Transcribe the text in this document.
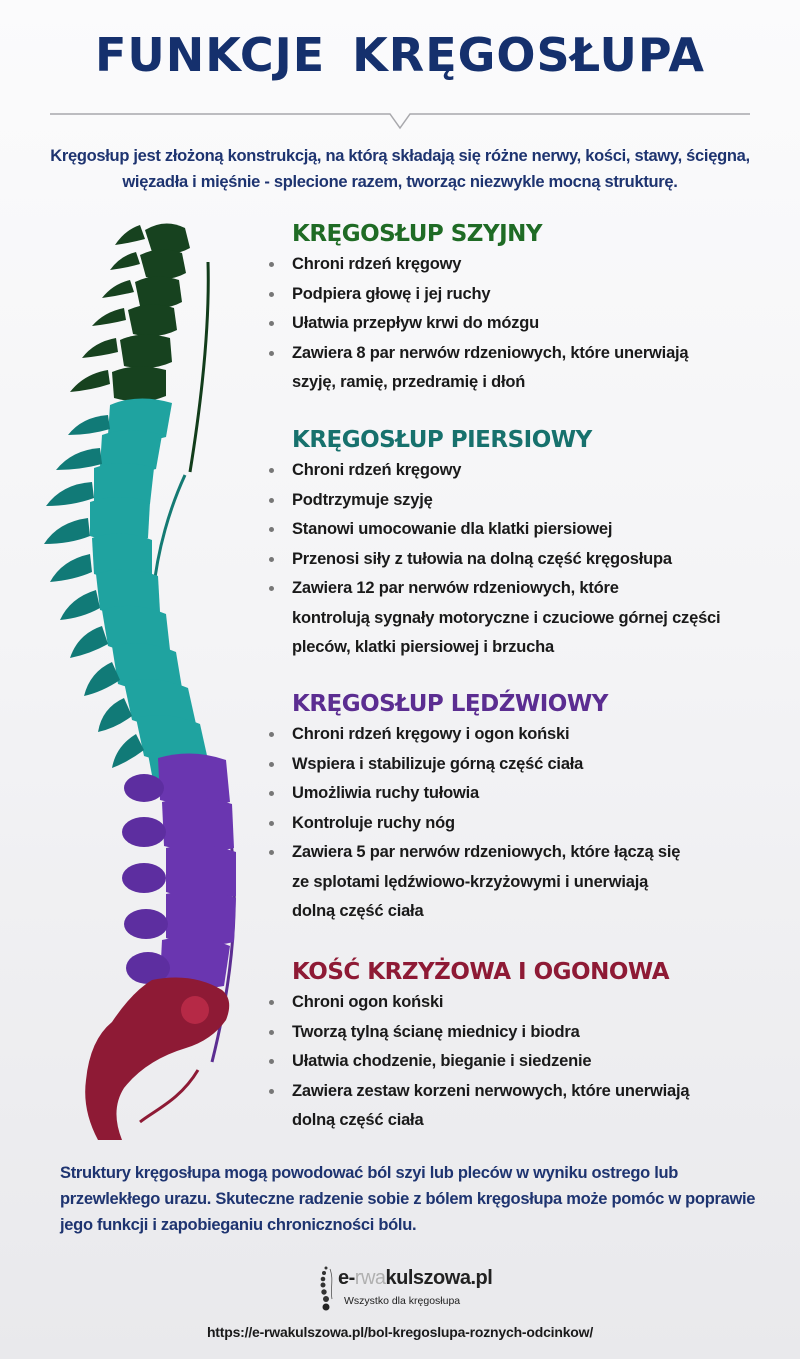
FUNKCJE KRĘGOSŁUPA

Kręgosłup jest złożoną konstrukcją, na którą składają się różne nerwy, kości, stawy, ścięgna, więzadła i mięśnie - splecione razem, tworząc niezwykle mocną strukturę.

KRĘGOSŁUP SZYJNY
Chroni rdzeń kręgowy
Podpiera głowę i jej ruchy
Ułatwia przepływ krwi do mózgu
Zawiera 8 par nerwów rdzeniowych, które unerwiają
szyję, ramię, przedramię i dłoń
KRĘGOSŁUP PIERSIOWY
Chroni rdzeń kręgowy
Podtrzymuje szyję
Stanowi umocowanie dla klatki piersiowej
Przenosi siły z tułowia na dolną część kręgosłupa
Zawiera 12 par nerwów rdzeniowych, które
kontrolują sygnały motoryczne i czuciowe górnej części
pleców, klatki piersiowej i brzucha
KRĘGOSŁUP LĘDŹWIOWY
Chroni rdzeń kręgowy i ogon koński
Wspiera i stabilizuje górną część ciała
Umożliwia ruchy tułowia
Kontroluje ruchy nóg
Zawiera 5 par nerwów rdzeniowych, które łączą się
ze splotami lędźwiowo-krzyżowymi i unerwiają
dolną część ciała
KOŚĆ KRZYŻOWA I OGONOWA
Chroni ogon koński
Tworzą tylną ścianę miednicy i biodra
Ułatwia chodzenie, bieganie i siedzenie
Zawiera zestaw korzeni nerwowych, które unerwiają
dolną część ciała

Struktury kręgosłupa mogą powodować ból szyi lub pleców w wyniku ostrego lub przewlekłego urazu. Skuteczne radzenie sobie z bólem kręgosłupa może pomóc w poprawie jego funkcji i zapobieganiu chroniczności bólu.

e-rwakulszowa.pl
Wszystko dla kręgosłupa
https://e-rwakulszowa.pl/bol-kregoslupa-roznych-odcinkow/
